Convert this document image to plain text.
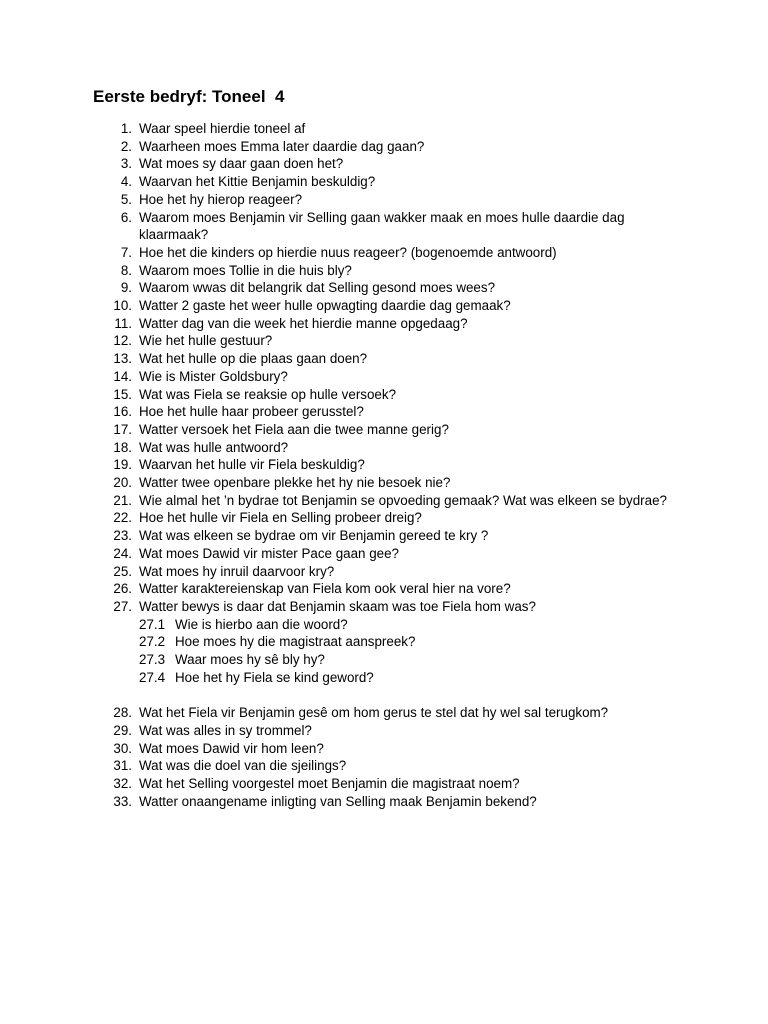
Eerste bedryf: Toneel  4
1. Waar speel hierdie toneel af
2. Waarheen moes Emma later daardie dag gaan?
3. Wat moes sy daar gaan doen het?
4. Waarvan het Kittie Benjamin beskuldig?
5. Hoe het hy hierop reageer?
6. Waarom moes Benjamin vir Selling gaan wakker maak en moes hulle daardie dag klaarmaak?
7. Hoe het die kinders op hierdie nuus reageer? (bogenoemde antwoord)
8. Waarom moes Tollie in die huis bly?
9. Waarom wwas dit belangrik dat Selling gesond moes wees?
10. Watter 2 gaste het weer hulle opwagting daardie dag gemaak?
11. Watter dag van die week het hierdie manne opgedaag?
12. Wie het hulle gestuur?
13. Wat het hulle op die plaas gaan doen?
14. Wie is Mister Goldsbury?
15. Wat was Fiela se reaksie op hulle versoek?
16. Hoe het hulle haar probeer gerusstel?
17. Watter versoek het Fiela aan die twee manne gerig?
18. Wat was hulle antwoord?
19. Waarvan het hulle vir Fiela beskuldig?
20. Watter twee openbare plekke het hy nie besoek nie?
21. Wie almal het ’n bydrae tot Benjamin se opvoeding gemaak? Wat was elkeen se bydrae?
22. Hoe het hulle vir Fiela en Selling probeer dreig?
23. Wat was elkeen se bydrae om vir Benjamin gereed te kry ?
24. Wat moes Dawid vir mister Pace gaan gee?
25. Wat moes hy inruil daarvoor kry?
26. Watter karaktereienskap van Fiela kom ook veral hier na vore?
27. Watter bewys is daar dat Benjamin skaam was toe Fiela hom was?
27.1 Wie is hierbo aan die woord?
27.2 Hoe moes hy die magistraat aanspreek?
27.3 Waar moes hy sê bly hy?
27.4 Hoe het hy Fiela se kind geword?
28. Wat het Fiela vir Benjamin gesê om hom gerus te stel dat hy wel sal terugkom?
29. Wat was alles in sy trommel?
30. Wat moes Dawid vir hom leen?
31. Wat was die doel van die sjeilings?
32. Wat het Selling voorgestel moet Benjamin die magistraat noem?
33. Watter onaangename inligting van Selling maak Benjamin bekend?
